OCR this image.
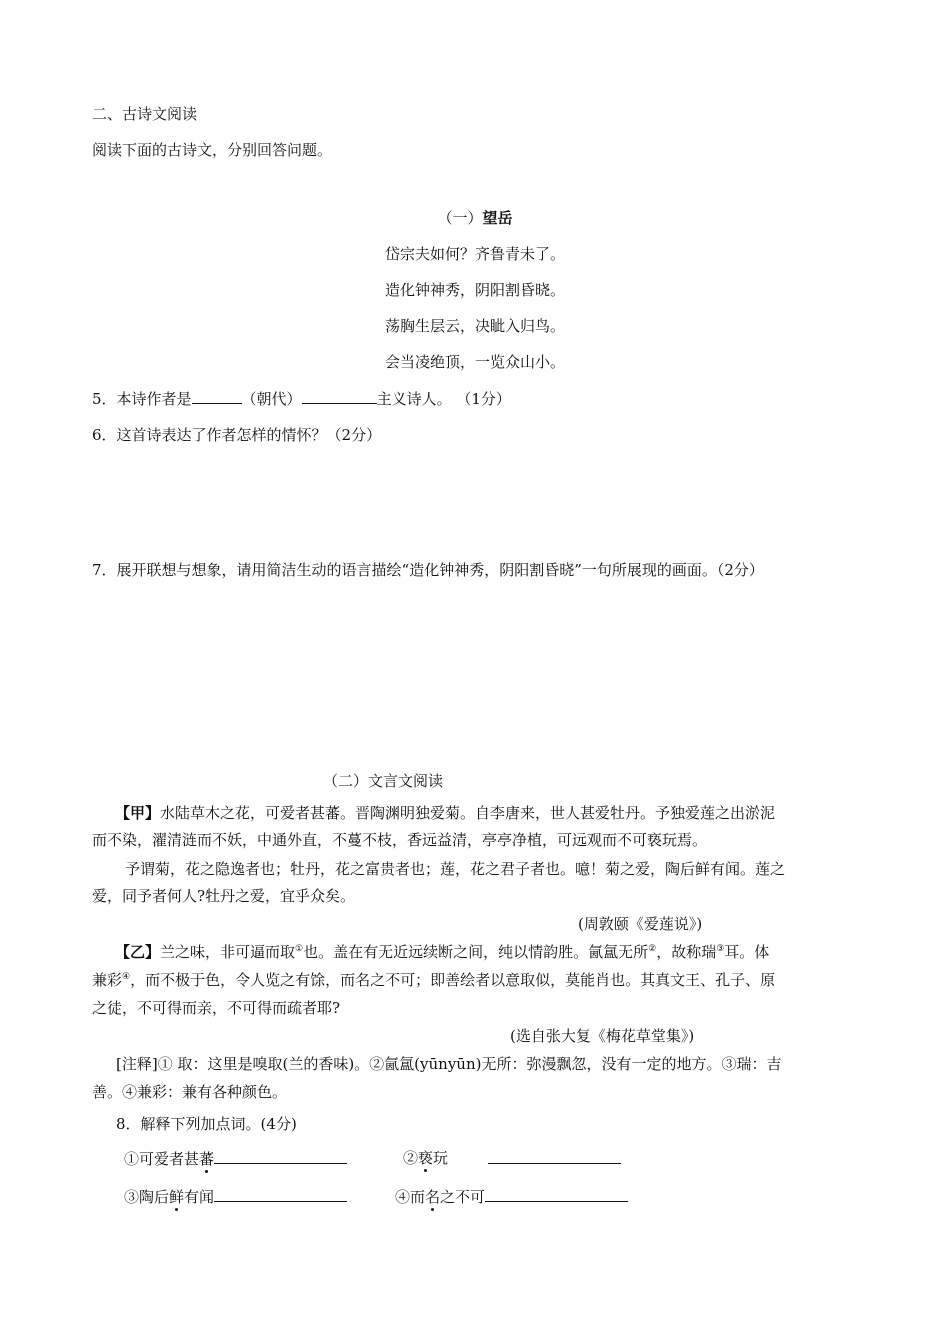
二、古诗文阅读
阅读下面的古诗文，分别回答问题。
（一）望岳
岱宗夫如何？齐鲁青未了。
造化钟神秀，阴阳割昏晓。
荡胸生层云，决眦入归鸟。
会当凌绝顶，一览众山小。
5．本诗作者是	（朝代）	主义诗人。 （1分）
6．这首诗表达了作者怎样的情怀？（2分）
7．展开联想与想象，请用简洁生动的语言描绘“造化钟神秀，阴阳割昏晓”一句所展现的画面。（2分）
（二）文言文阅读
【甲】水陆草木之花，可爱者甚蕃。晋陶渊明独爱菊。自李唐来，世人甚爱牡丹。予独爱莲之出淤泥
而不染，濯清涟而不妖，中通外直，不蔓不枝，香远益清，亭亭净植，可远观而不可亵玩焉。
予谓菊，花之隐逸者也；牡丹，花之富贵者也；莲，花之君子者也。噫！菊之爱，陶后鲜有闻。莲之
爱，同予者何人?牡丹之爱，宜乎众矣。
(周敦颐《爱莲说》)
【乙】兰之味，非可逼而取①也。盖在有无近远续断之间，纯以情韵胜。氤氲无所②，故称瑞③耳。体
兼彩④，而不极于色，令人览之有馀，而名之不可；即善绘者以意取似，莫能肖也。其真文王、孔子、原
之徒，不可得而亲，不可得而疏者耶?
(选自张大复《梅花草堂集》)
[注释]① 取：这里是嗅取(兰的香味)。②氤氲(yūnyūn)无所：弥漫飘忽，没有一定的地方。③瑞：吉
善。④兼彩：兼有各种颜色。
8．解释下列加点词。(4分)
①可爱者甚蕃	②亵玩
③陶后鲜有闻	④而名之不可
